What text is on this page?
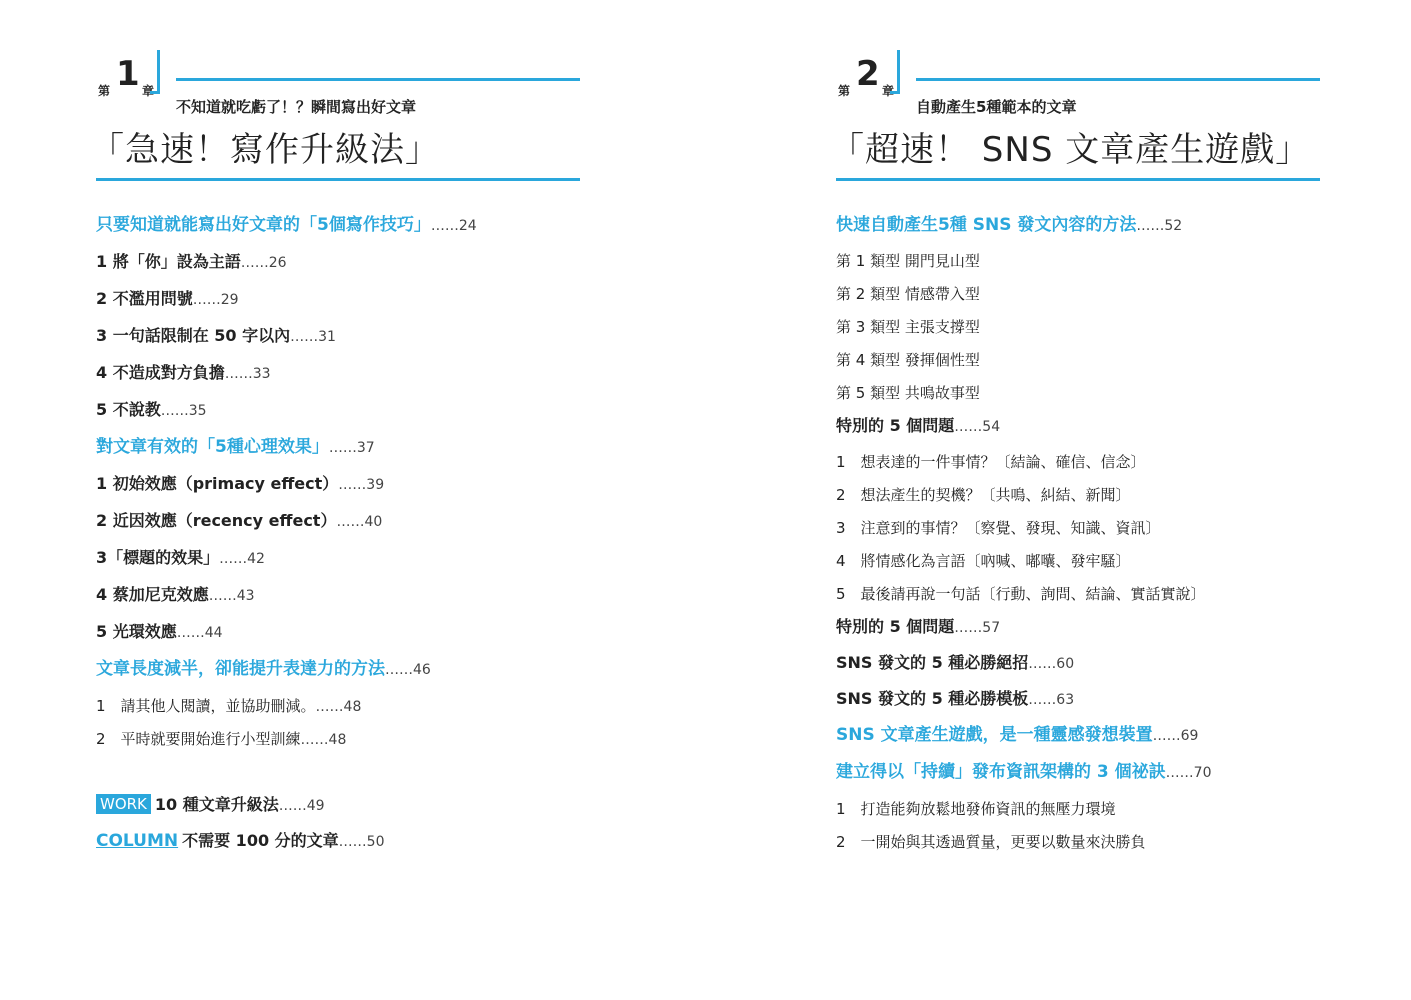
第 1 章
不知道就吃虧了！？瞬間寫出好文章
「急速！寫作升級法」
只要知道就能寫出好文章的「5個寫作技巧」……24
1 將「你」設為主語……26
2 不濫用問號……29
3 一句話限制在 50 字以內……31
4 不造成對方負擔……33
5 不說教……35
對文章有效的「5種心理效果」……37
1 初始效應（primacy effect）……39
2 近因效應（recency effect）……40
3「標題的效果」……42
4 蔡加尼克效應……43
5 光環效應……44
文章長度減半，卻能提升表達力的方法……46
1　請其他人閱讀，並協助刪減。……48
2　平時就要開始進行小型訓練……48
WORK 10 種文章升級法……49
COLUMN 不需要 100 分的文章……50
第 2 章
自動產生5種範本的文章
「超速！ SNS 文章產生遊戲」
快速自動產生5種 SNS 發文內容的方法……52
第 1 類型 開門見山型
第 2 類型 情感帶入型
第 3 類型 主張支撐型
第 4 類型 發揮個性型
第 5 類型 共鳴故事型
特別的 5 個問題……54
1　想表達的一件事情？〔結論、確信、信念〕
2　想法產生的契機？〔共鳴、糾結、新聞〕
3　注意到的事情？〔察覺、發現、知識、資訊〕
4　將情感化為言語〔吶喊、嘟囔、發牢騷〕
5　最後請再說一句話〔行動、詢問、結論、實話實說〕
特別的 5 個問題……57
SNS 發文的 5 種必勝絕招……60
SNS 發文的 5 種必勝模板……63
SNS 文章產生遊戲，是一種靈感發想裝置……69
建立得以「持續」發布資訊架構的 3 個祕訣……70
1　打造能夠放鬆地發佈資訊的無壓力環境
2　一開始與其透過質量，更要以數量來決勝負
